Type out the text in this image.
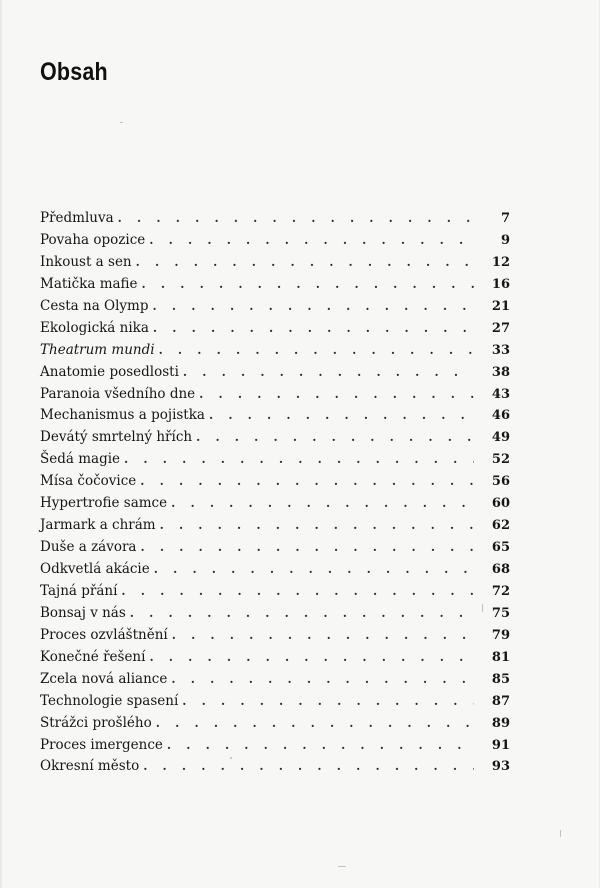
Obsah
Předmluva . . .	7
Povaha opozice . . .	9
Inkoust a sen . . .	12
Matička mafie . . .	16
Cesta na Olymp . . .	21
Ekologická nika . . .	27
Theatrum mundi . . .	33
Anatomie posedlosti . . .	38
Paranoia všedního dne . . .	43
Mechanismus a pojistka . . .	46
Devátý smrtelný hřích . . .	49
Šedá magie . . .	52
Mísa čočovice . . .	56
Hypertrofie samce . . .	60
Jarmark a chrám . . .	62
Duše a závora . . .	65
Odkvetlá akácie . . .	68
Tajná přání . . .	72
Bonsaj v nás . . .	75
Proces ozvláštnění . . .	79
Konečné řešení . . .	81
Zcela nová aliance . . .	85
Technologie spasení . . .	87
Strážci prošlého . . .	89
Proces imergence . . .	91
Okresní město . . .	93
